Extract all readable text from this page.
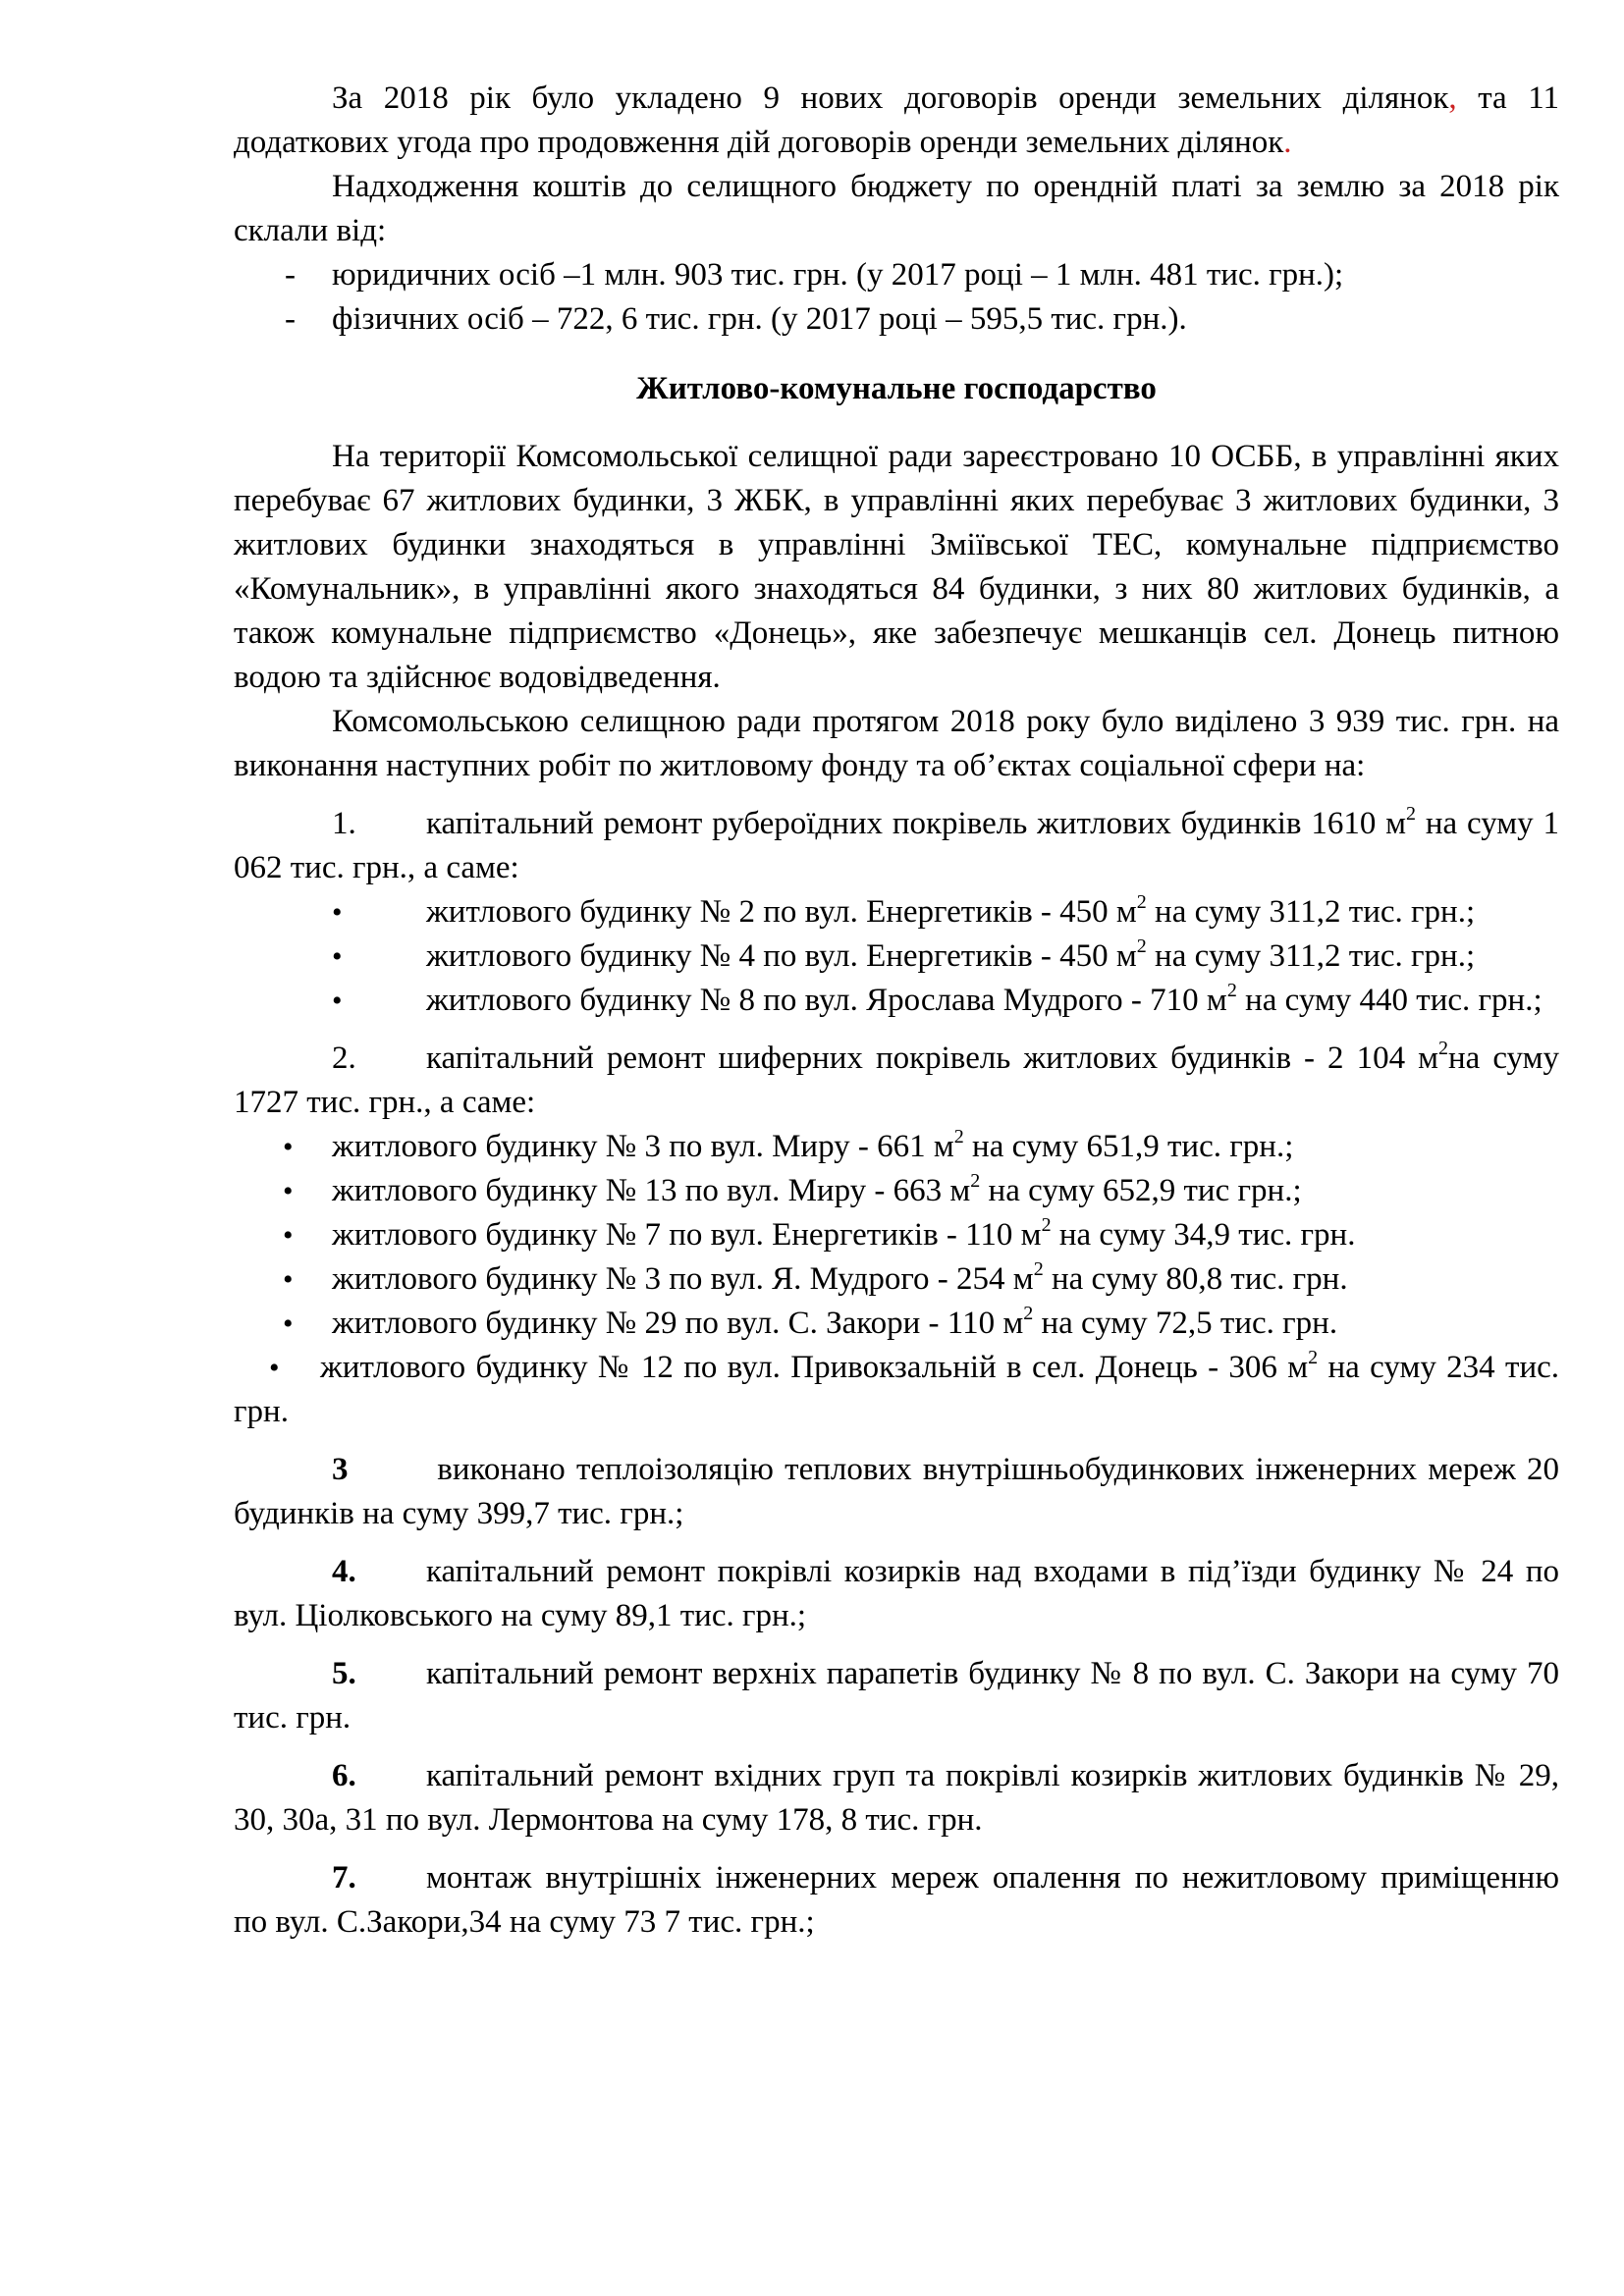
За 2018 рік було укладено 9 нових договорів оренди земельних ділянок, та 11 додаткових угода про продовження дій договорів оренди земельних ділянок.

Надходження коштів до селищного бюджету по орендній платі за землю за 2018 рік склали від:

-	юридичних осіб –1 млн. 903 тис. грн. (у 2017 році – 1 млн. 481 тис. грн.);
-	фізичних осіб – 722, 6 тис. грн. (у 2017 році – 595,5 тис. грн.).

Житлово-комунальне господарство

На території Комсомольської селищної ради зареєстровано 10 ОСББ, в управлінні яких перебуває 67 житлових будинки, 3 ЖБК, в управлінні яких перебуває 3 житлових будинки, 3 житлових будинки знаходяться в управлінні Зміївської ТЕС, комунальне підприємство «Комунальник», в управлінні якого знаходяться 84 будинки, з них 80 житлових будинків, а також комунальне підприємство «Донець», яке забезпечує мешканців сел. Донець питною водою та здійснює водовідведення.

Комсомольською селищною ради протягом 2018 року було виділено 3 939 тис. грн. на виконання наступних робіт по житловому фонду та об’єктах соціальної сфери на:

1. капітальний ремонт руберoїдних покрівель житлових будинків 1610 $м^2$ на суму 1 062 тис. грн., а саме:

•	житлового будинку № 2 по вул. Енергетиків - 450 $м^2$ на суму 311,2 тис. грн.;

•	житлового будинку № 4 по вул. Енергетиків - 450 $м^2$ на суму 311,2 тис. грн.;

•	житлового будинку № 8 по вул. Ярослава Мудрого - 710 $м^2$ на суму 440 тис. грн.;

2. капітальний ремонт шиферних покрівель житлових будинків - 2 104 $м^2на$ суму 1727 тис. грн., а саме:

• житлового будинку № 3 по вул. Миру - 661 $м^2$ на суму 651,9 тис. грн.;

• житлового будинку № 13 по вул. Миру - 663 $м^2$ на суму 652,9 тис грн.;

• житлового будинку № 7 по вул. Енергетиків - 110 $м^2$ на суму 34,9 тис. грн.

• житлового будинку № 3 по вул. Я. Мудрого - 254 $м^2$ на суму 80,8 тис. грн.

• житлового будинку № 29 по вул. С. Закори - 110 $м^2$ на суму 72,5 тис. грн.

• житлового будинку № 12 по вул. Привокзальній в сел. Донець - 306 $м^2$ на суму 234 тис. грн.

3 виконано теплоізоляцію теплових внутрішньобудинкових інженерних мереж 20 будинків на суму 399,7 тис. грн.;

4. капітальний ремонт покрівлі козирків над входами в під’їзди будинку № 24 по вул. Ціолковського на суму 89,1 тис. грн.;

5. капітальний ремонт верхніх парапетів будинку № 8 по вул. С. Закори на суму 70 тис. грн.

6. капітальний ремонт вхідних груп та покрівлі козирків житлових будинків № 29, 30, 30а, 31 по вул. Лермонтова на суму 178, 8 тис. грн.

7. монтаж внутрішніх інженерних мереж опалення по нежитловому приміщенню по вул. С.Закори,34 на суму 73 7 тис. грн.;
